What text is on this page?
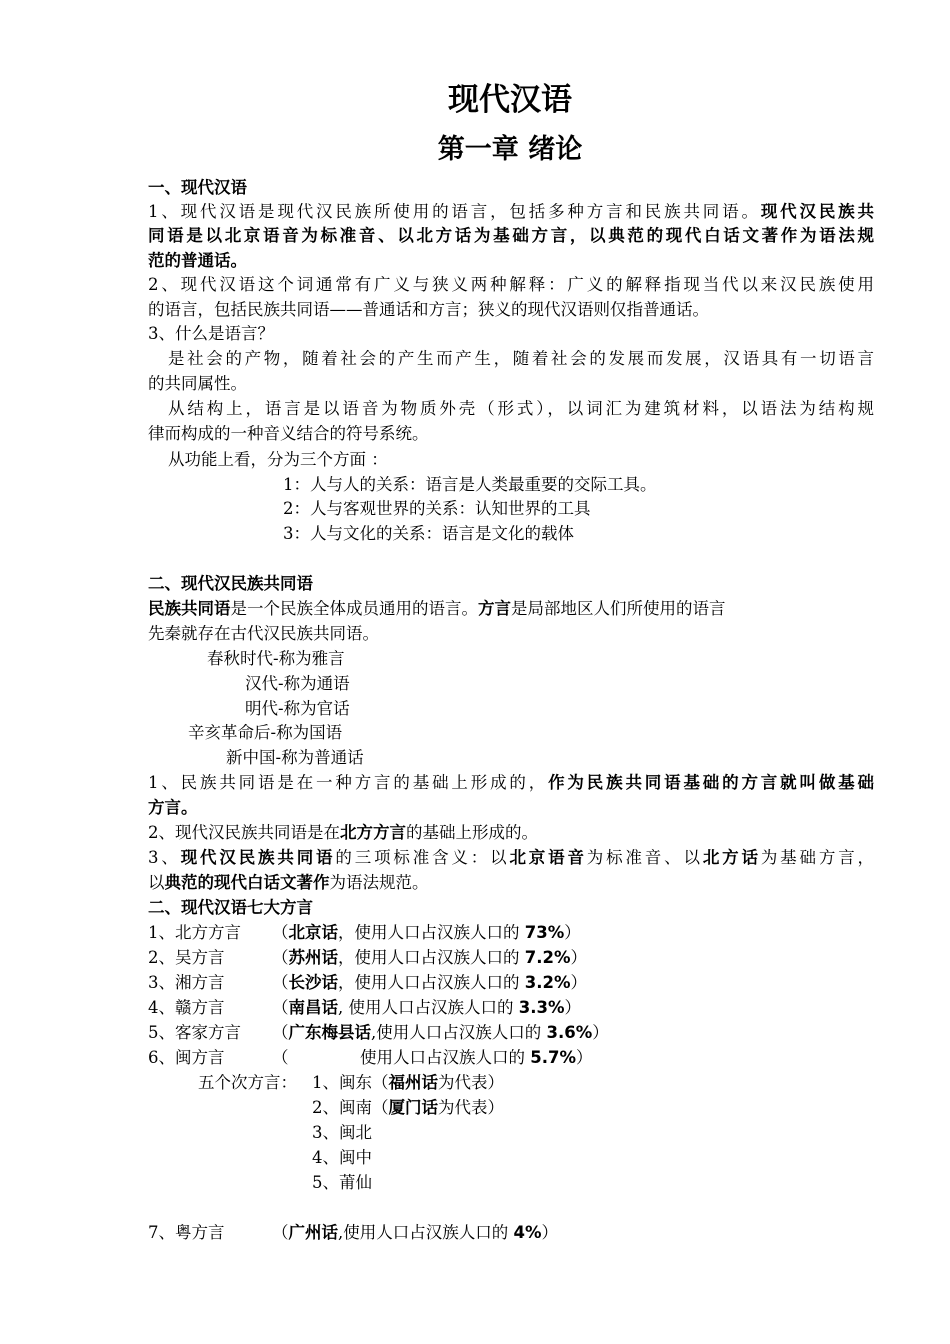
现代汉语
第一章 绪论
一、现代汉语
1、现代汉语是现代汉民族所使用的语言，包括多种方言和民族共同语。现代汉民族共
同语是以北京语音为标准音、以北方话为基础方言，以典范的现代白话文著作为语法规
范的普通话。
2、现代汉语这个词通常有广义与狭义两种解释：广义的解释指现当代以来汉民族使用
的语言，包括民族共同语——普通话和方言；狭义的现代汉语则仅指普通话。
3、什么是语言？
是社会的产物，随着社会的产生而产生，随着社会的发展而发展，汉语具有一切语言
的共同属性。
从结构上，语言是以语音为物质外壳（形式），以词汇为建筑材料，以语法为结构规
律而构成的一种音义结合的符号系统。
从功能上看，分为三个方面 ：
1：人与人的关系：语言是人类最重要的交际工具。
2：人与客观世界的关系：认知世界的工具
3：人与文化的关系：语言是文化的载体
二、现代汉民族共同语
民族共同语是一个民族全体成员通用的语言。方言是局部地区人们所使用的语言
先秦就存在古代汉民族共同语。
春秋时代-称为雅言
汉代-称为通语
明代-称为官话
辛亥革命后-称为国语
新中国-称为普通话
1、民族共同语是在一种方言的基础上形成的，作为民族共同语基础的方言就叫做基础
方言。
2、现代汉民族共同语是在北方方言的基础上形成的。
3、现代汉民族共同语的三项标准含义：以北京语音为标准音、以北方话为基础方言，
以典范的现代白话文著作为语法规范。
二、现代汉语七大方言
1、北方方言 （北京话，使用人口占汉族人口的 73%）
2、吴方言	（苏州话，使用人口占汉族人口的 7.2%）
3、湘方言	（长沙话，使用人口占汉族人口的 3.2%）
4、赣方言	（南昌话, 使用人口占汉族人口的 3.3%）
5、客家方言 （广东梅县话,使用人口占汉族人口的 3.6%）
6、闽方言	（	使用人口占汉族人口的 5.7%）
五个次方言： 1、闽东（福州话为代表）
2、闽南（厦门话为代表）
3、闽北
4、闽中
5、莆仙
7、粤方言	（广州话,使用人口占汉族人口的 4%）
